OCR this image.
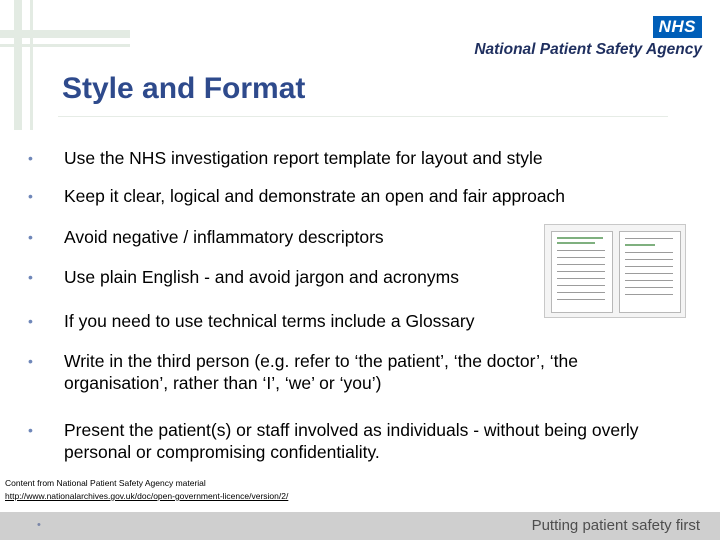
NHS
National Patient Safety Agency
Style and Format
• Use the NHS investigation report template for layout and style
• Keep it clear, logical and demonstrate an open and fair approach
• Avoid negative / inflammatory descriptors
• Use plain English - and avoid jargon and acronyms
• If you need to use technical terms include a Glossary
• Write in the third person (e.g. refer to ‘the patient’, ‘the doctor’, ‘the organisation’, rather than ‘I’, ‘we’ or ‘you’)
• Present the patient(s) or staff involved as individuals - without being overly personal or compromising confidentiality.
Content from National Patient Safety Agency material
http://www.nationalarchives.gov.uk/doc/open-government-licence/version/2/
•	Putting patient safety first
